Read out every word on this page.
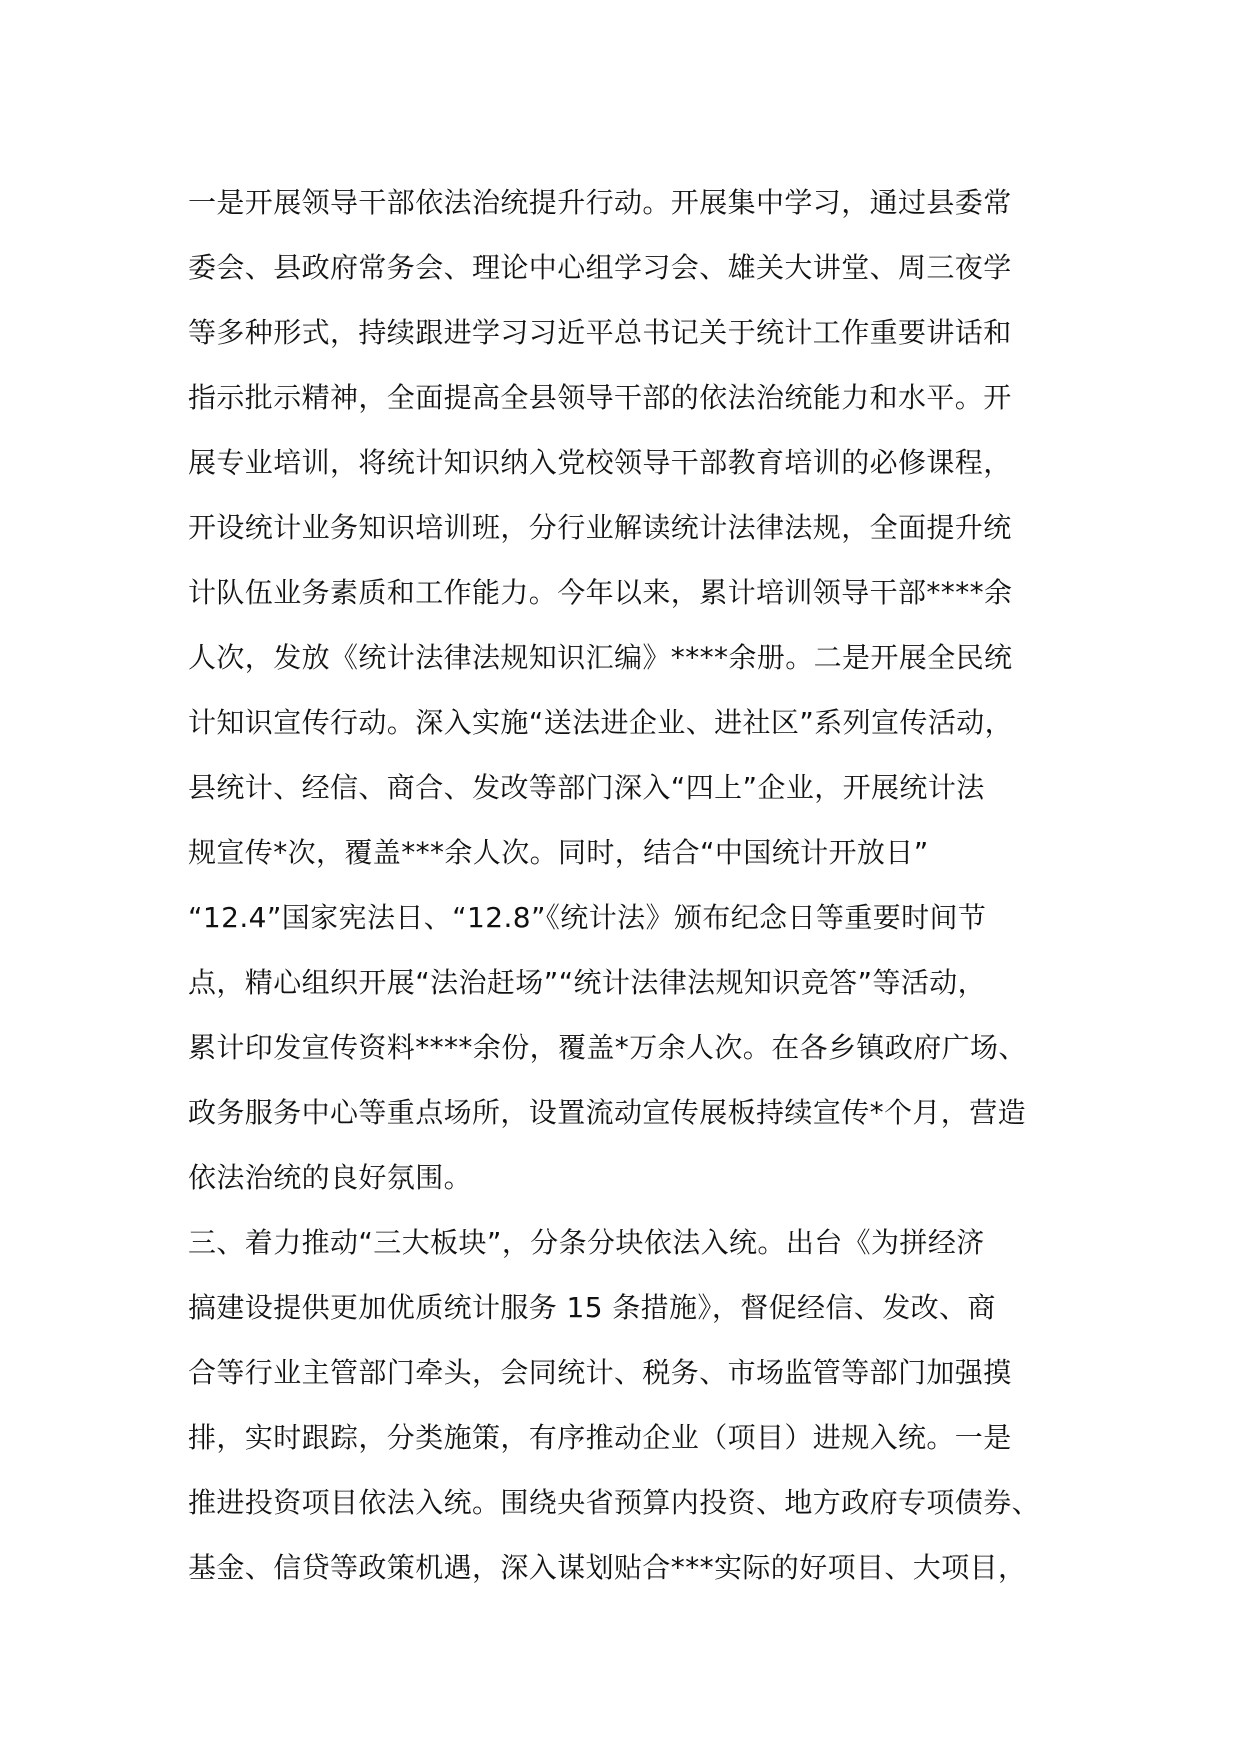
一是开展领导干部依法治统提升行动。开展集中学习，通过县委常
委会、县政府常务会、理论中心组学习会、雄关大讲堂、周三夜学
等多种形式，持续跟进学习习近平总书记关于统计工作重要讲话和
指示批示精神，全面提高全县领导干部的依法治统能力和水平。开
展专业培训，将统计知识纳入党校领导干部教育培训的必修课程，
开设统计业务知识培训班，分行业解读统计法律法规，全面提升统
计队伍业务素质和工作能力。今年以来，累计培训领导干部****余
人次，发放《统计法律法规知识汇编》****余册。二是开展全民统
计知识宣传行动。深入实施“送法进企业、进社区”系列宣传活动，
县统计、经信、商合、发改等部门深入“四上”企业，开展统计法
规宣传*次，覆盖***余人次。同时，结合“中国统计开放日”
“12.4”国家宪法日、“12.8”《统计法》颁布纪念日等重要时间节
点，精心组织开展“法治赶场”“统计法律法规知识竞答”等活动，
累计印发宣传资料****余份，覆盖*万余人次。在各乡镇政府广场、
政务服务中心等重点场所，设置流动宣传展板持续宣传*个月，营造
依法治统的良好氛围。
三、着力推动“三大板块”，分条分块依法入统。出台《为拼经济
搞建设提供更加优质统计服务 15 条措施》，督促经信、发改、商
合等行业主管部门牵头，会同统计、税务、市场监管等部门加强摸
排，实时跟踪，分类施策，有序推动企业（项目）进规入统。一是
推进投资项目依法入统。围绕央省预算内投资、地方政府专项债券、
基金、信贷等政策机遇，深入谋划贴合***实际的好项目、大项目，
